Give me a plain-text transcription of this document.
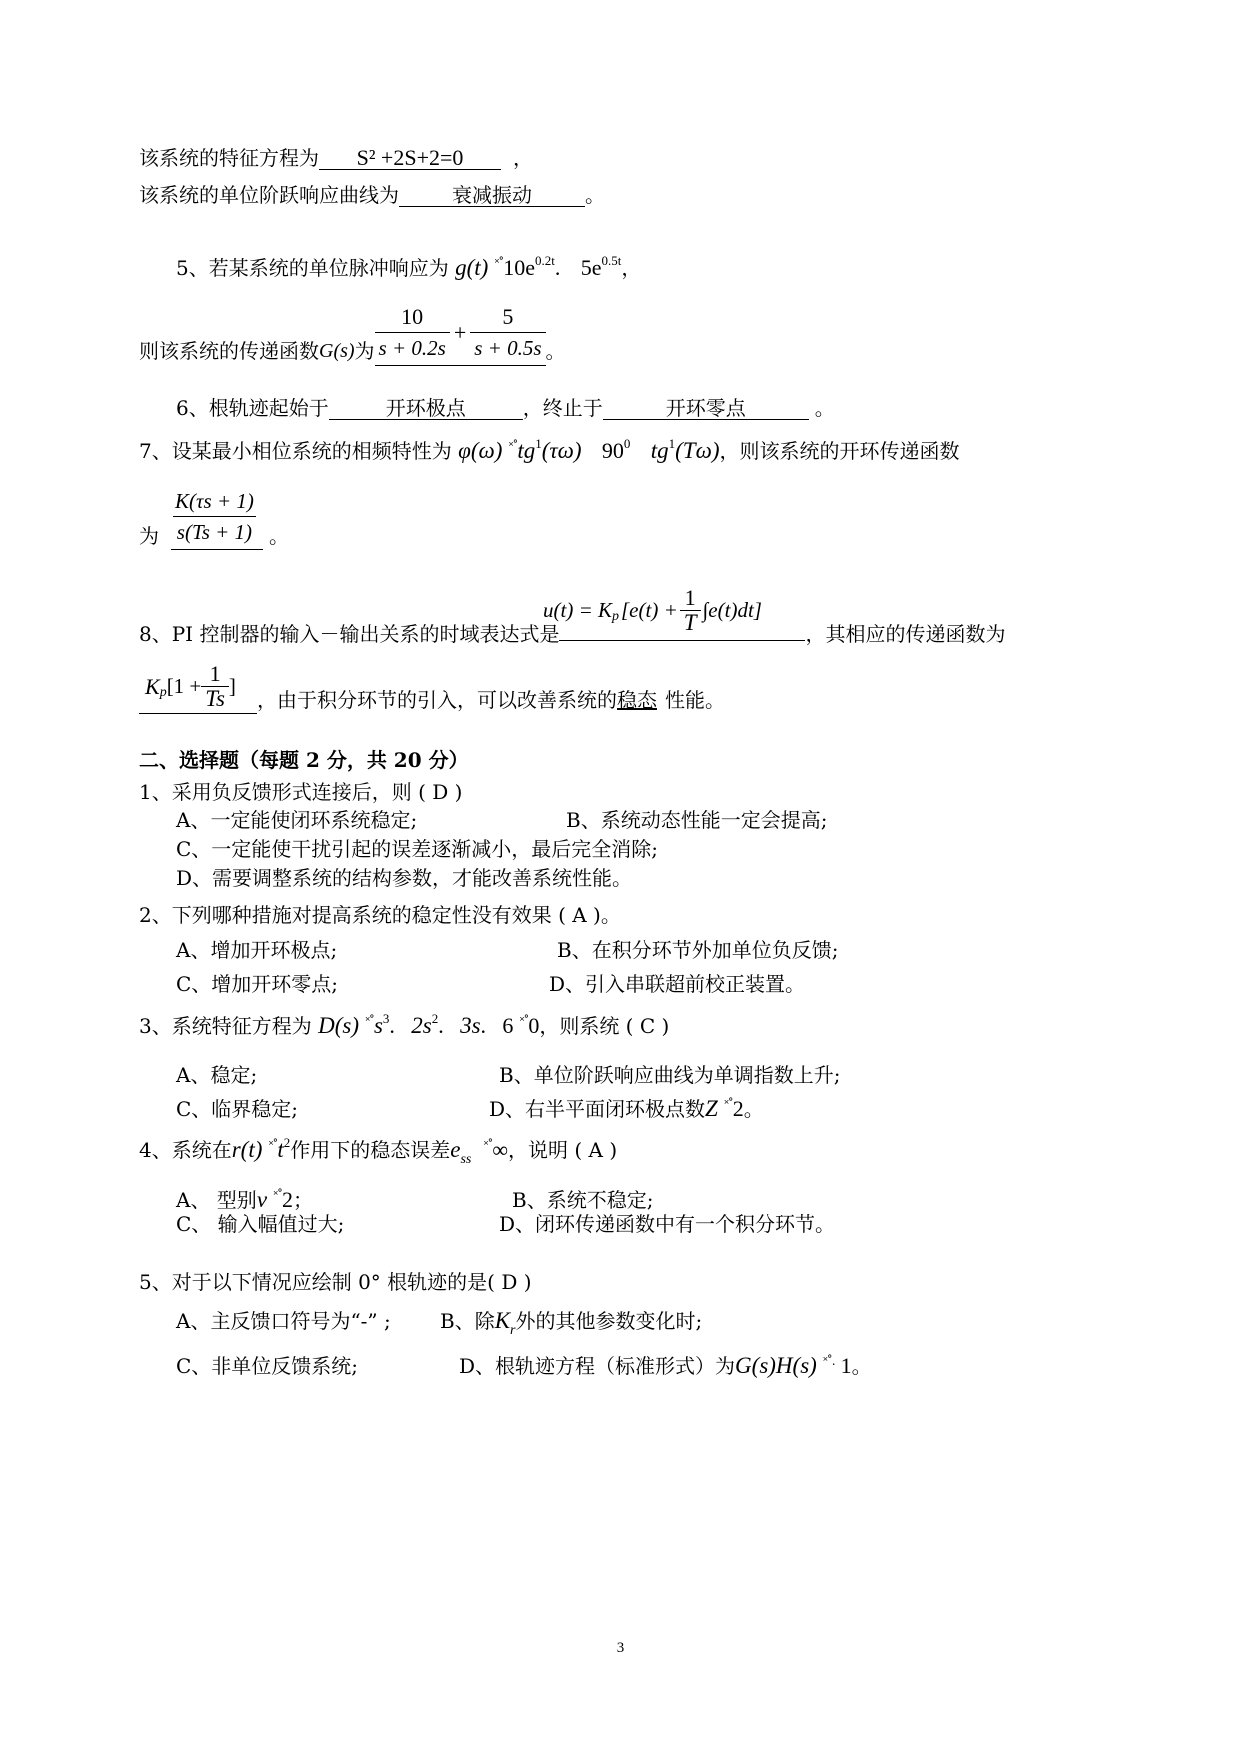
该系统的特征方程为 S² +2S+2=0 ，
该系统的单位阶跃响应曲线为	衰减振动	。
5、若某系统的单位脉冲响应为 g(t) $^{˟˚}10e^{0.2t}$. $5e^{0.5t}$，
则该系统的传递函数 G(s) 为 $\frac{10}{s + 0.2s} + \frac{5}{s + 0.5s}$ 。
6、根轨迹起始于	开环极点	，终止于	开环零点	。
7、设某最小相位系统的相频特性为 φ(ω) $^{˟˚}tg^1(\tau\omega)$ $90^0$ $tg^1(T\omega)$，则该系统的开环传递函数
为 $\frac{K(\tau s + 1)}{s(Ts + 1)}$ 。
u(t) = K p $[e(t) + \frac{1}{T} \int e(t)dt]$
8、PI 控制器的输入－输出关系的时域表达式是	，其相应的传递函数为
K p [$1 + \frac{1}{Ts}$ ]
，由于积分环节的引入，可以改善系统的 稳态 性能。
二、选择题（每题 2 分，共 20 分）
1、采用负反馈形式连接后，则 ( D )
A、一定能使闭环系统稳定;	B、系统动态性能一定会提高;
C、一定能使干扰引起的误差逐渐减小，最后完全消除;
D、需要调整系统的结构参数，才能改善系统性能。
2、下列哪种措施对提高系统的稳定性没有效果 ( A )。
A、增加开环极点;	B、在积分环节外加单位负反馈;
C、增加开环零点;	D、引入串联超前校正装置。
3、系统特征方程为 D(s) $^{˟˚}s^3$. $2s^2$. 3s. 6 ˟˚0，则系统 ( C )
A、稳定;	B、单位阶跃响应曲线为单调指数上升;
C、临界稳定;	D、右半平面闭环极点数Z ˟˚2。
4、系统在r(t) $^{˟˚}t^2$作用下的稳态误差$e_{ss}$ ˟˚∞，说明 ( A )
A、 型别v ˟˚2；	B、系统不稳定;
C、 输入幅值过大;	D、闭环传递函数中有一个积分环节。
5、对于以下情况应绘制 0° 根轨迹的是( D )
A、主反馈口符号为“-” ; B、除$K_r$外的其他参数变化时;
C、非单位反馈系统;	D、根轨迹方程（标准形式）为G(s)H(s) ˟˚. 1。
3
